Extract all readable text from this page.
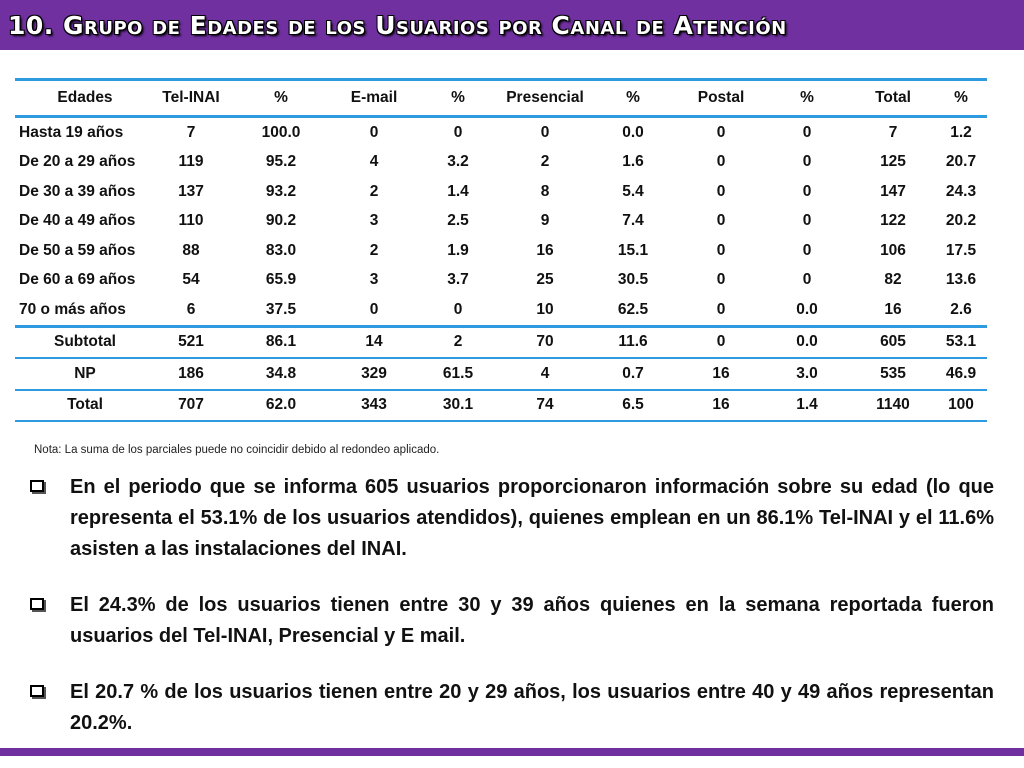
10. Grupo de Edades de los Usuarios por Canal de Atención
Edades	Tel-INAI	%	E-mail	%	Presencial	%	Postal	%	Total	%
Hasta 19 años	7	100.0	0	0	0	0.0	0	0	7	1.2
De 20 a 29 años	119	95.2	4	3.2	2	1.6	0	0	125	20.7
De 30 a 39 años	137	93.2	2	1.4	8	5.4	0	0	147	24.3
De 40 a 49 años	110	90.2	3	2.5	9	7.4	0	0	122	20.2
De 50 a 59 años	88	83.0	2	1.9	16	15.1	0	0	106	17.5
De 60 a 69 años	54	65.9	3	3.7	25	30.5	0	0	82	13.6
70 o más años	6	37.5	0	0	10	62.5	0	0.0	16	2.6
Subtotal	521	86.1	14	2	70	11.6	0	0.0	605	53.1
NP	186	34.8	329	61.5	4	0.7	16	3.0	535	46.9
Total	707	62.0	343	30.1	74	6.5	16	1.4	1140	100
Nota: La suma de los parciales puede no coincidir debido al redondeo aplicado.
En el periodo que se informa 605 usuarios proporcionaron información sobre su edad (lo que representa el 53.1% de los usuarios atendidos), quienes emplean en un 86.1% Tel-INAI y el 11.6% asisten a las instalaciones del INAI.
El 24.3% de los usuarios tienen entre 30 y 39 años quienes en la semana reportada fueron usuarios del Tel-INAI, Presencial y E mail.
El 20.7 % de los usuarios tienen entre 20 y 29 años, los usuarios entre 40 y 49 años representan 20.2%.
